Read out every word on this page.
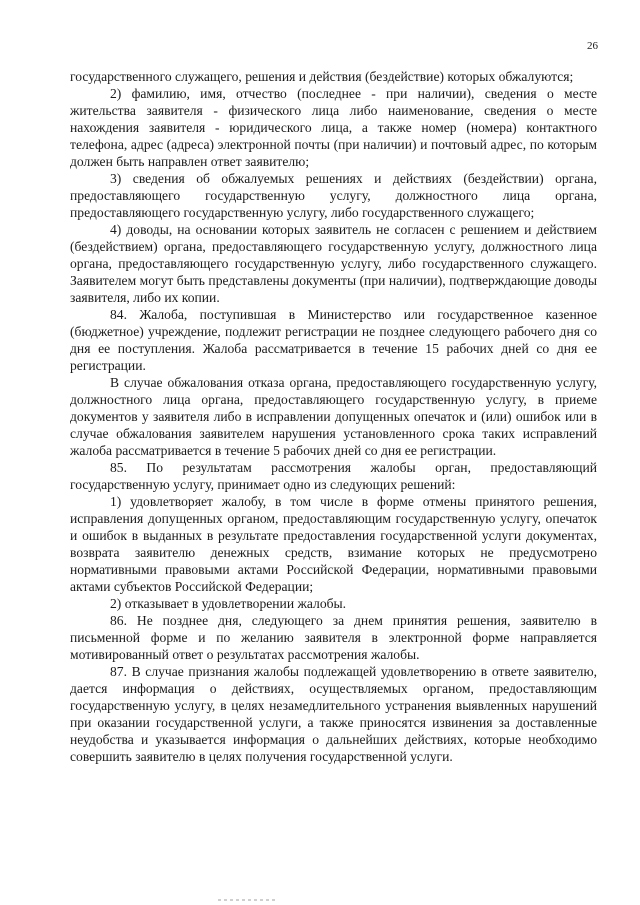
26

государственного служащего, решения и действия (бездействие) которых обжалуются;

2) фамилию, имя, отчество (последнее - при наличии), сведения о месте жительства заявителя - физического лица либо наименование, сведения о месте нахождения заявителя - юридического лица, а также номер (номера) контактного телефона, адрес (адреса) электронной почты (при наличии) и почтовый адрес, по которым должен быть направлен ответ заявителю;

3) сведения об обжалуемых решениях и действиях (бездействии) органа, предоставляющего государственную услугу, должностного лица органа, предоставляющего государственную услугу, либо государственного служащего;

4) доводы, на основании которых заявитель не согласен с решением и действием (бездействием) органа, предоставляющего государственную услугу, должностного лица органа, предоставляющего государственную услугу, либо государственного служащего. Заявителем могут быть представлены документы (при наличии), подтверждающие доводы заявителя, либо их копии.

84. Жалоба, поступившая в Министерство или государственное казенное (бюджетное) учреждение, подлежит регистрации не позднее следующего рабочего дня со дня ее поступления. Жалоба рассматривается в течение 15 рабочих дней со дня ее регистрации.

В случае обжалования отказа органа, предоставляющего государственную услугу, должностного лица органа, предоставляющего государственную услугу, в приеме документов у заявителя либо в исправлении допущенных опечаток и (или) ошибок или в случае обжалования заявителем нарушения установленного срока таких исправлений жалоба рассматривается в течение 5 рабочих дней со дня ее регистрации.

85. По результатам рассмотрения жалобы орган, предоставляющий государственную услугу, принимает одно из следующих решений:

1) удовлетворяет жалобу, в том числе в форме отмены принятого решения, исправления допущенных органом, предоставляющим государственную услугу, опечаток и ошибок в выданных в результате предоставления государственной услуги документах, возврата заявителю денежных средств, взимание которых не предусмотрено нормативными правовыми актами Российской Федерации, нормативными правовыми актами субъектов Российской Федерации;

2) отказывает в удовлетворении жалобы.

86. Не позднее дня, следующего за днем принятия решения, заявителю в письменной форме и по желанию заявителя в электронной форме направляется мотивированный ответ о результатах рассмотрения жалобы.

87. В случае признания жалобы подлежащей удовлетворению в ответе заявителю, дается информация о действиях, осуществляемых органом, предоставляющим государственную услугу, в целях незамедлительного устранения выявленных нарушений при оказании государственной услуги, а также приносятся извинения за доставленные неудобства и указывается информация о дальнейших действиях, которые необходимо совершить заявителю в целях получения государственной услуги.
